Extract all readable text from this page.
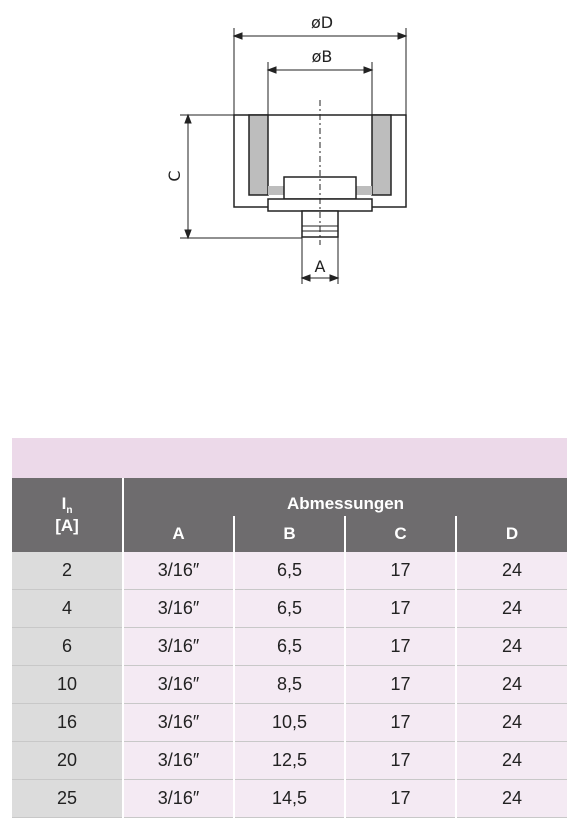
øD
øB
C
A
$I_n$
[A]	Abmessungen			
	A	B	C	D
2	3/16″	6,5	17	24
4	3/16″	6,5	17	24
6	3/16″	6,5	17	24
10	3/16″	8,5	17	24
16	3/16″	10,5	17	24
20	3/16″	12,5	17	24
25	3/16″	14,5	17	24
